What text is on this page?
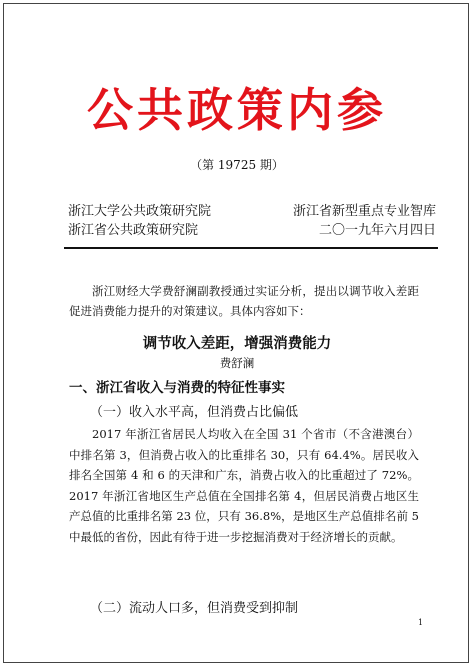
公共政策内参
（第 19725 期）
浙江大学公共政策研究院	浙江省新型重点专业智库
浙江省公共政策研究院	二〇一九年六月四日
浙江财经大学费舒澜副教授通过实证分析，提出以调节收入差距促进消费能力提升的对策建议。具体内容如下：
调节收入差距，增强消费能力
费舒澜
一、浙江省收入与消费的特征性事实
（一）收入水平高，但消费占比偏低
2017 年浙江省居民人均收入在全国 31 个省市（不含港澳台）中排名第 3，但消费占收入的比重排名 30，只有 64.4%。居民收入排名全国第 4 和 6 的天津和广东，消费占收入的比重超过了 72%。2017 年浙江省地区生产总值在全国排名第 4，但居民消费占地区生产总值的比重排名第 23 位，只有 36.8%，是地区生产总值排名前 5 中最低的省份，因此有待于进一步挖掘消费对于经济增长的贡献。
（二）流动人口多，但消费受到抑制
1
